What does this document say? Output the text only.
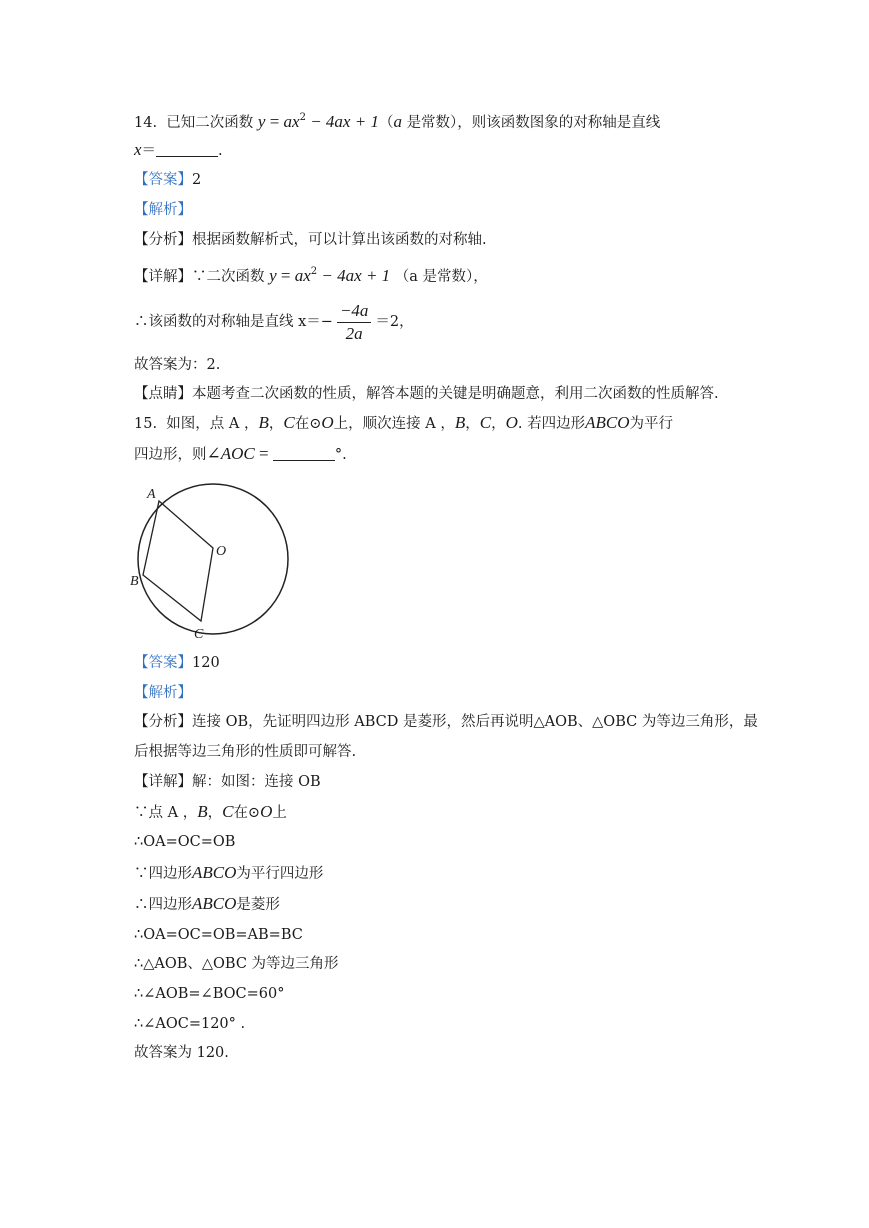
14. 已知二次函数 $y = ax^2 - 4ax + 1(a$ 是常数），则该函数图象的对称轴是直线
x＝	.
【答案】2
【解析】
【分析】根据函数解析式，可以计算出该函数的对称轴.
【详解】∵二次函数 $y = ax^2 - 4ax + 1$ （a 是常数），
∴该函数的对称轴是直线 $x=- \frac{-4a}{2a} =2$，
故答案为：2.
【点睛】本题考查二次函数的性质，解答本题的关键是明确题意，利用二次函数的性质解答.
15. 如图，点 A ，B，C在⊙O上，顺次连接 A ，B，C，O. 若四边形ABCO为平行
四边形，则∠AOC =	°.
A
B
C
O
【答案】120
【解析】
【分析】连接 OB，先证明四边形 ABCD 是菱形，然后再说明△AOB、△OBC 为等边三角形，最
后根据等边三角形的性质即可解答.
【详解】解：如图：连接 OB
∵点 A ，B，C在⊙O上
∴OA=OC=OB
∵四边形ABCO为平行四边形
∴四边形ABCO是菱形
∴OA=OC=OB=AB=BC
∴△AOB、△OBC 为等边三角形
∴∠AOB=∠BOC=60°
∴∠AOC=120° .
故答案为 120.
